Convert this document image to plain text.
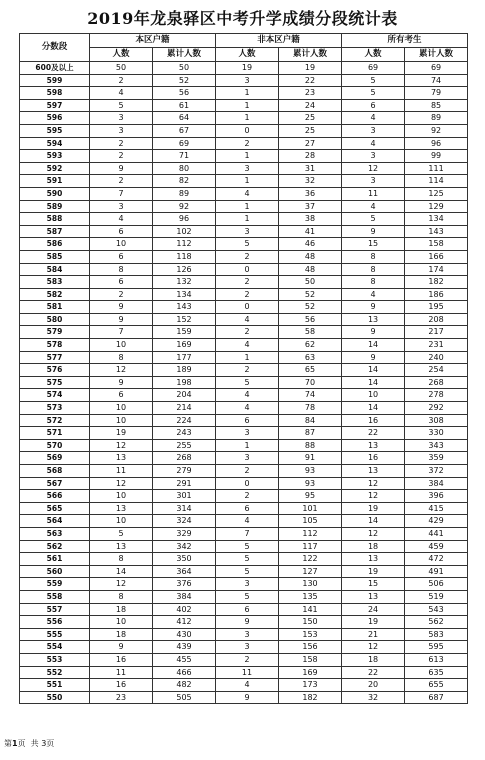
2019年龙泉驿区中考升学成绩分段统计表
分数段	本区户籍		非本区户籍		所有考生	
	人数	累计人数	人数	累计人数	人数	累计人数
600及以上	50	50	19	19	69	69
599	2	52	3	22	5	74
598	4	56	1	23	5	79
597	5	61	1	24	6	85
596	3	64	1	25	4	89
595	3	67	0	25	3	92
594	2	69	2	27	4	96
593	2	71	1	28	3	99
592	9	80	3	31	12	111
591	2	82	1	32	3	114
590	7	89	4	36	11	125
589	3	92	1	37	4	129
588	4	96	1	38	5	134
587	6	102	3	41	9	143
586	10	112	5	46	15	158
585	6	118	2	48	8	166
584	8	126	0	48	8	174
583	6	132	2	50	8	182
582	2	134	2	52	4	186
581	9	143	0	52	9	195
580	9	152	4	56	13	208
579	7	159	2	58	9	217
578	10	169	4	62	14	231
577	8	177	1	63	9	240
576	12	189	2	65	14	254
575	9	198	5	70	14	268
574	6	204	4	74	10	278
573	10	214	4	78	14	292
572	10	224	6	84	16	308
571	19	243	3	87	22	330
570	12	255	1	88	13	343
569	13	268	3	91	16	359
568	11	279	2	93	13	372
567	12	291	0	93	12	384
566	10	301	2	95	12	396
565	13	314	6	101	19	415
564	10	324	4	105	14	429
563	5	329	7	112	12	441
562	13	342	5	117	18	459
561	8	350	5	122	13	472
560	14	364	5	127	19	491
559	12	376	3	130	15	506
558	8	384	5	135	13	519
557	18	402	6	141	24	543
556	10	412	9	150	19	562
555	18	430	3	153	21	583
554	9	439	3	156	12	595
553	16	455	2	158	18	613
552	11	466	11	169	22	635
551	16	482	4	173	20	655
550	23	505	9	182	32	687
第1页 共 3页
